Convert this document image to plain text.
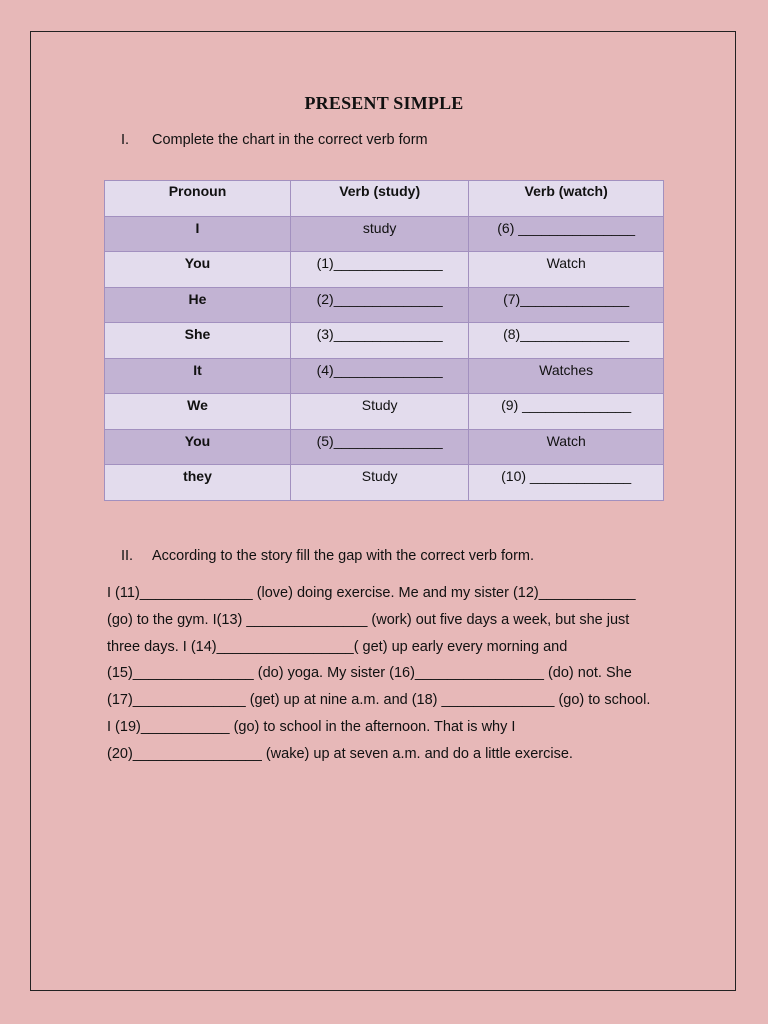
PRESENT SIMPLE
I. Complete the chart in the correct verb form
Pronoun	Verb (study)	Verb (watch)
I	study	(6) _______________
You	(1)______________	Watch
He	(2)______________	(7)______________
She	(3)______________	(8)______________
It	(4)______________	Watches
We	Study	(9) ______________
You	(5)______________	Watch
they	Study	(10) _____________
II. According to the story fill the gap with the correct verb form.

I (11)______________ (love) doing exercise. Me and my sister (12)____________

(go) to the gym. I(13) _______________ (work) out five days a week, but she just

three days. I (14)_________________( get) up early every morning and

(15)_______________ (do) yoga. My sister (16)________________ (do) not. She

(17)______________ (get) up at nine a.m. and (18) ______________ (go) to school.

I (19)___________ (go) to school in the afternoon. That is why I

(20)________________ (wake) up at seven a.m. and do a little exercise.
